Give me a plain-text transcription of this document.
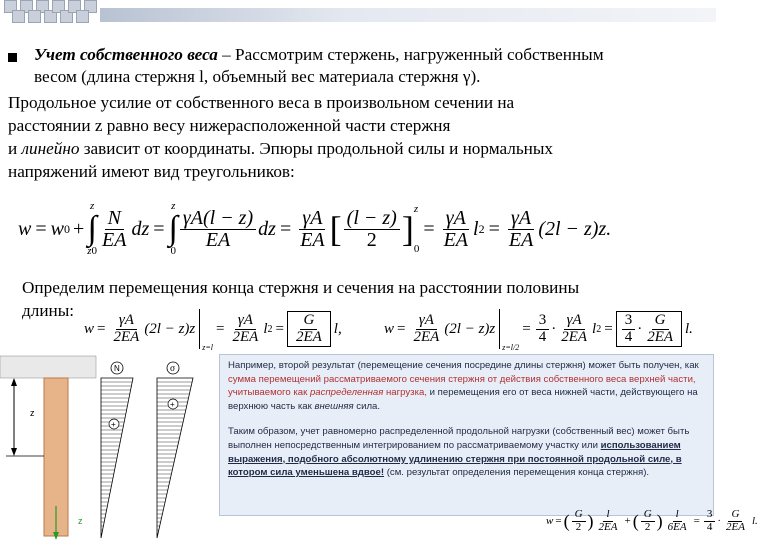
Учет собственного веса – Рассмотрим стержень, нагруженный собственным

весом (длина стержня l, объемный вес материала стержня γ).

Продольное усилие от собственного веса в произвольном сечении на

расстоянии z равно весу нижерасположенной части стержня

и линейно зависит от координаты. Эпюры продольной силы и нормальных

напряжений имеют вид треугольников:

w = w 0 +
z
∫
z0
$\frac{N}{EA}$ dz =
z
∫
0
$\frac{\gamma A(l - z)}{EA}$ dz = $\frac{\gamma A}{EA}$ [ $\frac{(l - z)}{2}$ ] z
0
= $\frac{\gamma A}{EA}$ l $2 = \frac{\gamma A}{EA} (2l - z)z$.

Определим перемещения конца стержня и сечения на расстоянии половины

длины:

$w = \frac{\gamma A}{2EA} (2l - z)z$
z=l
= $\frac{\gamma A}{2EA}$ l $2 = \frac{G}{2EA} l$,	$w = \frac{\gamma A}{2EA} (2l - z)z$
z=l/2
= $\frac{3}{4} \cdot \frac{\gamma A}{2EA}$ l $2 = \frac{3}{4} \cdot \frac{G}{2EA} l$.
z
z
N
+
σ
+

Например, второй результат (перемещение сечения посредине длины стержня) может быть получен, как сумма перемещений рассматриваемого сечения стержня от действия собственного веса верхней части, учитываемого как распределенная нагрузка, и перемещения его от веса нижней части, действующего на верхнюю часть как внешняя сила.

Таким образом, учет равномерно распределенной продольной нагрузки (собственный вес) может быть выполнен непосредственным интегрированием по рассматриваемому участку или использованием выражения, подобного абсолютному удлинению стержня при постоянной продольной силе, в котором сила уменьшена вдвое! (см. результат определения перемещения конца стержня).

w = ( $\frac{G}{2}$ ) $\frac{l}{2EA}$ + ( $\frac{G}{2}$ ) $\frac{l}{6EA} = \frac{3}{4} \cdot \frac{G}{2EA} l$.
